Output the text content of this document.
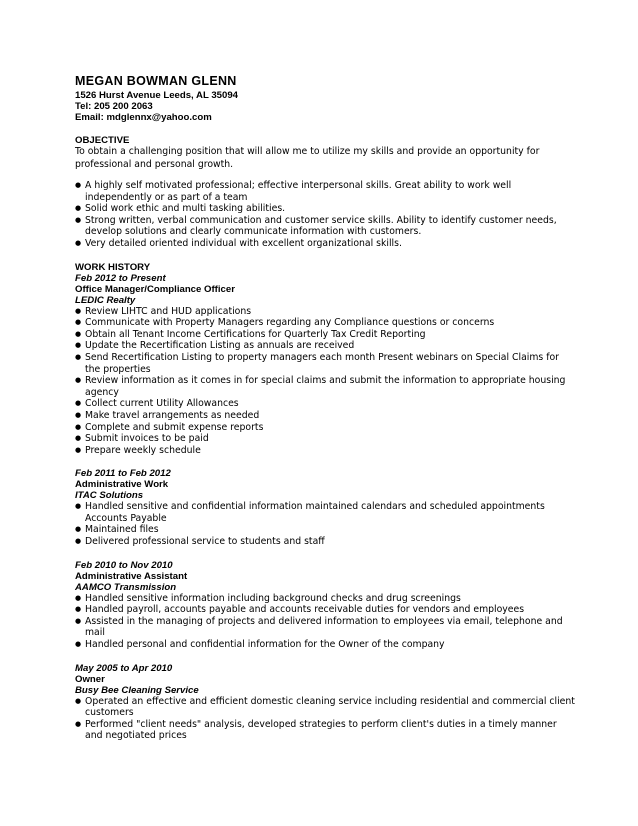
MEGAN BOWMAN GLENN
1526 Hurst Avenue Leeds, AL 35094
Tel: 205 200 2063
Email: mdglennx@yahoo.com
OBJECTIVE
To obtain a challenging position that will allow me to utilize my skills and provide an opportunity for professional and personal growth.
● A highly self motivated professional; effective interpersonal skills. Great ability to work well independently or as part of a team
● Solid work ethic and multi tasking abilities.
● Strong written, verbal communication and customer service skills. Ability to identify customer needs, develop solutions and clearly communicate information with customers.
● Very detailed oriented individual with excellent organizational skills.
WORK HISTORY
Feb 2012 to Present
Office Manager/Compliance Officer
LEDIC Realty
● Review LIHTC and HUD applications
● Communicate with Property Managers regarding any Compliance questions or concerns
● Obtain all Tenant Income Certifications for Quarterly Tax Credit Reporting
● Update the Recertification Listing as annuals are received
● Send Recertification Listing to property managers each month Present webinars on Special Claims for the properties
● Review information as it comes in for special claims and submit the information to appropriate housing agency
● Collect current Utility Allowances
● Make travel arrangements as needed
● Complete and submit expense reports
● Submit invoices to be paid
● Prepare weekly schedule
Feb 2011 to Feb 2012
Administrative Work
ITAC Solutions
● Handled sensitive and confidential information maintained calendars and scheduled appointments Accounts Payable
● Maintained files
● Delivered professional service to students and staff
Feb 2010 to Nov 2010
Administrative Assistant
AAMCO Transmission
● Handled sensitive information including background checks and drug screenings
● Handled payroll, accounts payable and accounts receivable duties for vendors and employees
● Assisted in the managing of projects and delivered information to employees via email, telephone and mail
● Handled personal and confidential information for the Owner of the company
May 2005 to Apr 2010
Owner
Busy Bee Cleaning Service
● Operated an effective and efficient domestic cleaning service including residential and commercial client customers
● Performed "client needs" analysis, developed strategies to perform client's duties in a timely manner and negotiated prices
